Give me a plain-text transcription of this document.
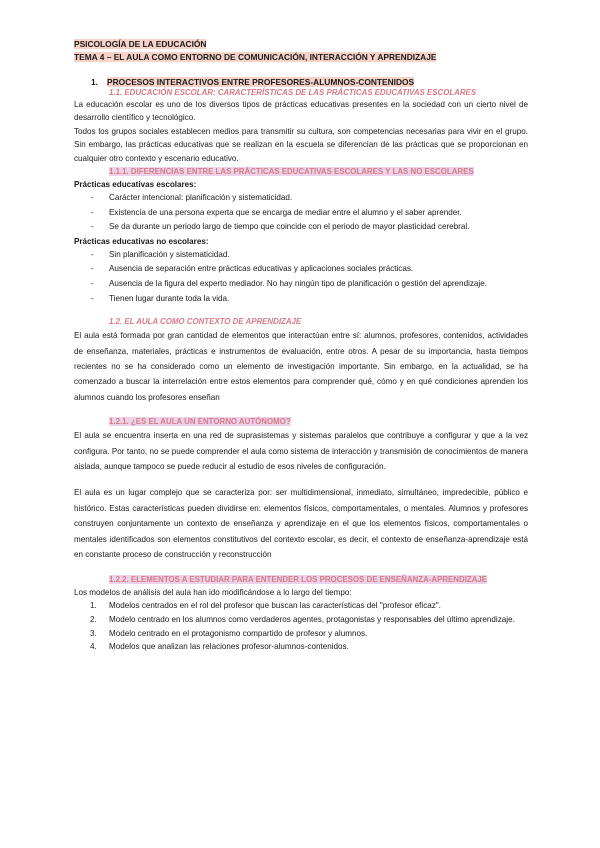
PSICOLOGÍA DE LA EDUCACIÓN
TEMA 4 – EL AULA COMO ENTORNO DE COMUNICACIÓN, INTERACCIÓN Y APRENDIZAJE
1. PROCESOS INTERACTIVOS ENTRE PROFESORES-ALUMNOS-CONTENIDOS
1.1. EDUCACIÓN ESCOLAR: CARACTERÍSTICAS DE LAS PRÁCTICAS EDUCATIVAS ESCOLARES

La educación escolar es uno de los diversos tipos de prácticas educativas presentes en la sociedad con un cierto nivel de desarrollo científico y tecnológico.

Todos los grupos sociales establecen medios para transmitir su cultura, son competencias necesarias para vivir en el grupo. Sin embargo, las prácticas educativas que se realizan en la escuela se diferencian de las prácticas que se proporcionan en cualquier otro contexto y escenario educativo.

1.1.1. DIFERENCIAS ENTRE LAS PRÁCTICAS EDUCATIVAS ESCOLARES Y LAS NO ESCOLARES
Prácticas educativas escolares:
- Carácter intencional: planificación y sistematicidad.
- Existencia de una persona experta que se encarga de mediar entre el alumno y el saber aprender.
- Se da durante un periodo largo de tiempo que coincide con el periodo de mayor plasticidad cerebral.
Prácticas educativas no escolares:
- Sin planificación y sistematicidad.
- Ausencia de separación entre prácticas educativas y aplicaciones sociales prácticas.
- Ausencia de la figura del experto mediador. No hay ningún tipo de planificación o gestión del aprendizaje.
- Tienen lugar durante toda la vida.
1.2. EL AULA COMO CONTEXTO DE APRENDIZAJE

El aula está formada por gran cantidad de elementos que interactúan entre sí: alumnos, profesores, contenidos, actividades de enseñanza, materiales, prácticas e instrumentos de evaluación, entre otros. A pesar de su importancia, hasta tiempos recientes no se ha considerado como un elemento de investigación importante. Sin embargo, en la actualidad, se ha comenzado a buscar la interrelación entre estos elementos para comprender qué, cómo y en qué condiciones aprenden los alumnos cuando los profesores enseñan

1.2.1. ¿ES EL AULA UN ENTORNO AUTÓNOMO?

El aula se encuentra inserta en una red de suprasistemas y sistemas paralelos que contribuye a configurar y que a la vez configura. Por tanto, no se puede comprender el aula como sistema de interacción y transmisión de conocimientos de manera aislada, aunque tampoco se puede reducir al estudio de esos niveles de configuración.

El aula es un lugar complejo que se caracteriza por: ser multidimensional, inmediato, simultáneo, impredecible, público e histórico. Estas características pueden dividirse en: elementos físicos, comportamentales, o mentales. Alumnos y profesores construyen conjuntamente un contexto de enseñanza y aprendizaje en el que los elementos físicos, comportamentales o mentales identificados son elementos constitutivos del contexto escolar, es decir, el contexto de enseñanza-aprendizaje está en constante proceso de construcción y reconstrucción

1.2.2. ELEMENTOS A ESTUDIAR PARA ENTENDER LOS PROCESOS DE ENSEÑANZA-APRENDIZAJE

Los modelos de análisis del aula han ido modificándose a lo largo del tiempo:

1. Modelos centrados en el rol del profesor que buscan las características del "profesor eficaz".
2. Modelo centrado en los alumnos como verdaderos agentes, protagonistas y responsables del último aprendizaje.
3. Modelo centrado en el protagonismo compartido de profesor y alumnos.
4. Modelos que analizan las relaciones profesor-alumnos-contenidos.
